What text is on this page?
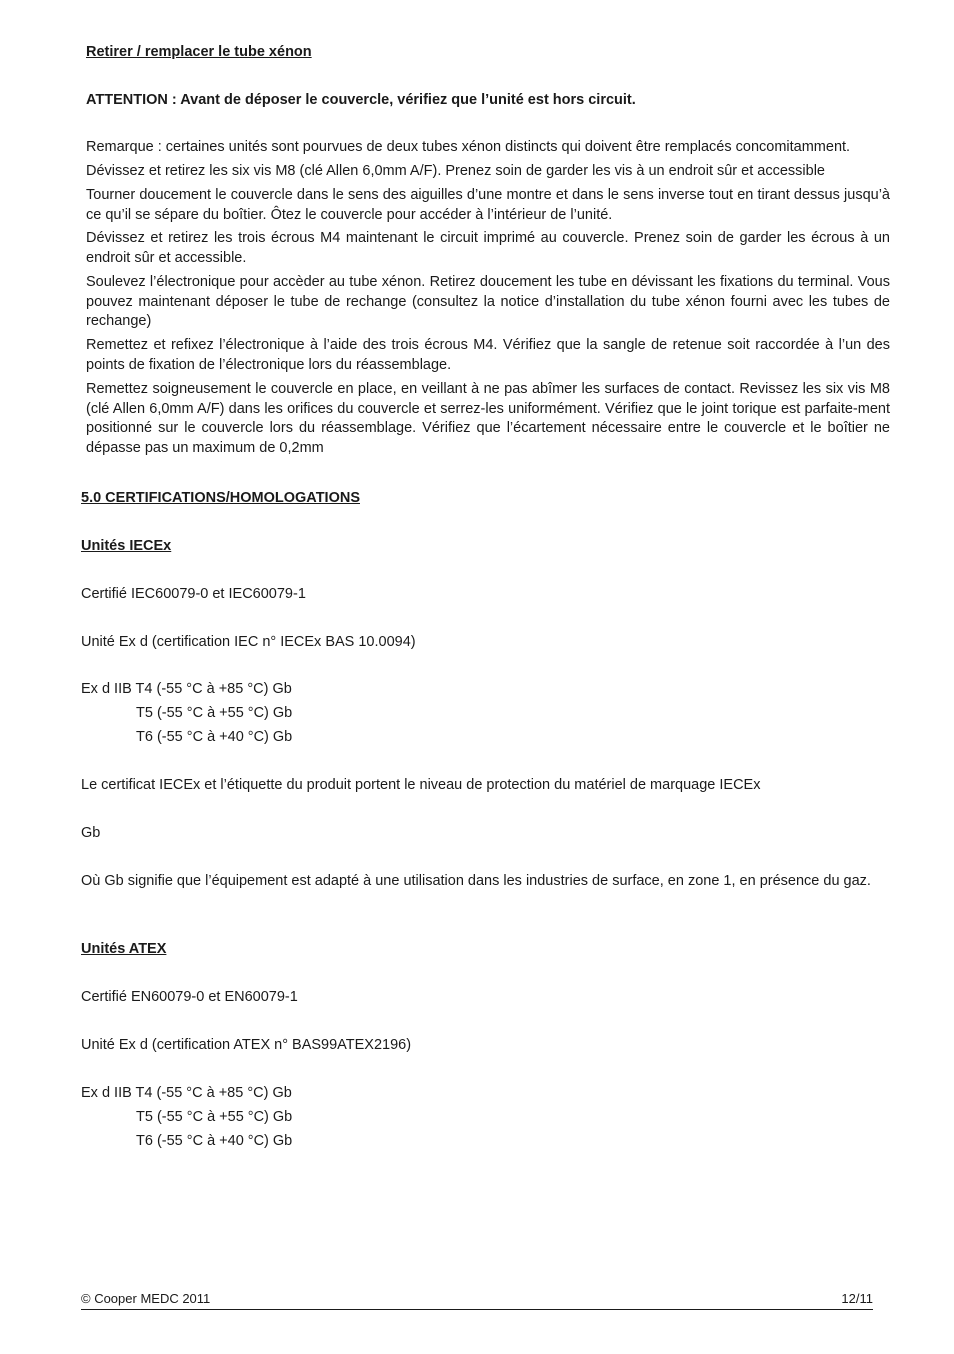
Retirer / remplacer le tube xénon
ATTENTION : Avant de déposer le couvercle, vérifiez que l’unité est hors circuit.
Remarque : certaines unités sont pourvues de deux tubes xénon distincts qui doivent être remplacés concomitamment.
Dévissez et retirez les six vis M8 (clé Allen 6,0mm A/F). Prenez soin de garder les vis à un endroit sûr et accessible
Tourner doucement le couvercle dans le sens des aiguilles d’une montre et dans le sens inverse tout en tirant dessus jusqu’à ce qu’il se sépare du boîtier. Ôtez le couvercle pour accéder à l’intérieur de l’unité.
Dévissez et retirez les trois écrous M4 maintenant le circuit imprimé au couvercle. Prenez soin de garder les écrous à un endroit sûr et accessible.
Soulevez l’électronique pour accèder au tube xénon. Retirez doucement les tube en dévissant les fixations du terminal. Vous pouvez maintenant déposer le tube de rechange (consultez la notice d’installation du tube xénon fourni avec les tubes de rechange)
Remettez et refixez l’électronique à l’aide des trois écrous M4. Vérifiez que la sangle de retenue soit raccordée à l’un des points de fixation de l’électronique lors du réassemblage.
Remettez soigneusement le couvercle en place, en veillant à ne pas abîmer les surfaces de contact. Revissez les six vis M8 (clé Allen 6,0mm A/F) dans les orifices du couvercle et serrez-les uniformément. Vérifiez que le joint torique est parfaite-ment positionné sur le couvercle lors du réassemblage. Vérifiez que l’écartement nécessaire entre le couvercle et le boîtier ne dépasse pas un maximum de 0,2mm
5.0 CERTIFICATIONS/HOMOLOGATIONS
Unités IECEx
Certifié IEC60079-0 et IEC60079-1
Unité Ex d (certification IEC n° IECEx BAS 10.0094)
Ex d IIB T4 (-55 °C à +85 °C) Gb
T5 (-55 °C à +55 °C) Gb
T6 (-55 °C à +40 °C) Gb
Le certificat IECEx et l’étiquette du produit portent le niveau de protection du matériel de marquage IECEx
Gb
Où Gb signifie que l’équipement est adapté à une utilisation dans les industries de surface, en zone 1, en présence du gaz.
Unités ATEX
Certifié EN60079-0 et EN60079-1
Unité Ex d (certification ATEX n° BAS99ATEX2196)
Ex d IIB T4 (-55 °C à +85 °C) Gb
T5 (-55 °C à +55 °C) Gb
T6 (-55 °C à +40 °C) Gb
© Cooper MEDC 2011	12/11
